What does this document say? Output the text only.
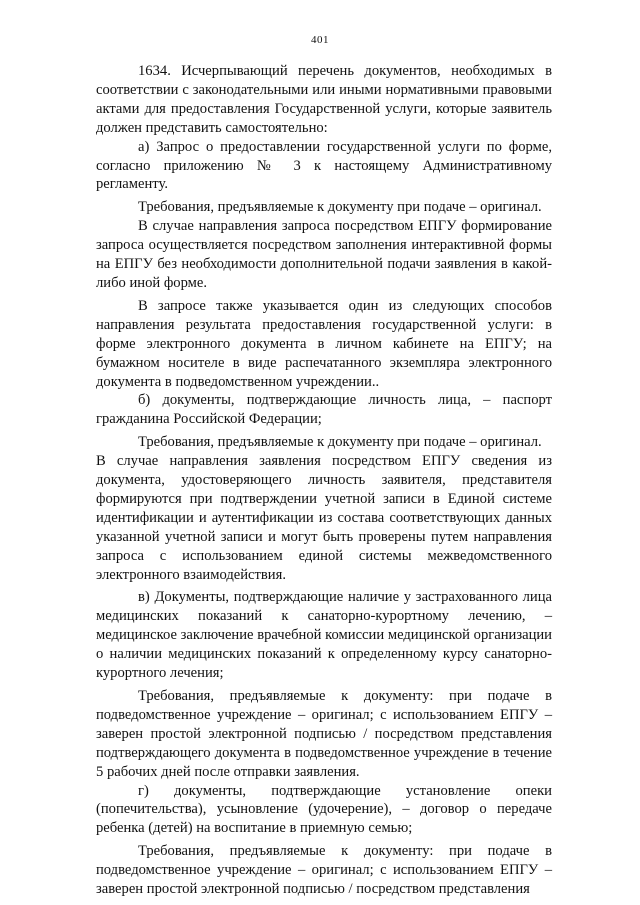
401

1634. Исчерпывающий перечень документов, необходимых в соответствии с законодательными или иными нормативными правовыми актами для предоставления Государственной услуги, которые заявитель должен представить самостоятельно:

а) Запрос о предоставлении государственной услуги по форме, согласно приложению № 3 к настоящему Административному регламенту.

Требования, предъявляемые к документу при подаче – оригинал.

В случае направления запроса посредством ЕПГУ формирование запроса осуществляется посредством заполнения интерактивной формы на ЕПГУ без необходимости дополнительной подачи заявления в какой-либо иной форме.

В запросе также указывается один из следующих способов направления результата предоставления государственной услуги: в форме электронного документа в личном кабинете на ЕПГУ; на бумажном носителе в виде распечатанного экземпляра электронного документа в подведомственном учреждении..

б) документы, подтверждающие личность лица, – паспорт гражданина Российской Федерации;

Требования, предъявляемые к документу при подаче – оригинал.

В случае направления заявления посредством ЕПГУ сведения из документа, удостоверяющего личность заявителя, представителя формируются при подтверждении учетной записи в Единой системе идентификации и аутентификации из состава соответствующих данных указанной учетной записи и могут быть проверены путем направления запроса с использованием единой системы межведомственного электронного взаимодействия.

в) Документы, подтверждающие наличие у застрахованного лица медицинских показаний к санаторно-курортному лечению, – медицинское заключение врачебной комиссии медицинской организации о наличии медицинских показаний к определенному курсу санаторно-курортного лечения;

Требования, предъявляемые к документу: при подаче в подведомственное учреждение – оригинал; с использованием ЕПГУ – заверен простой электронной подписью / посредством представления подтверждающего документа в подведомственное учреждение в течение 5 рабочих дней после отправки заявления.

г) документы, подтверждающие установление опеки (попечительства), усыновление (удочерение), – договор о передаче ребенка (детей) на воспитание в приемную семью;

Требования, предъявляемые к документу: при подаче в подведомственное учреждение – оригинал; с использованием ЕПГУ – заверен простой электронной подписью / посредством представления
